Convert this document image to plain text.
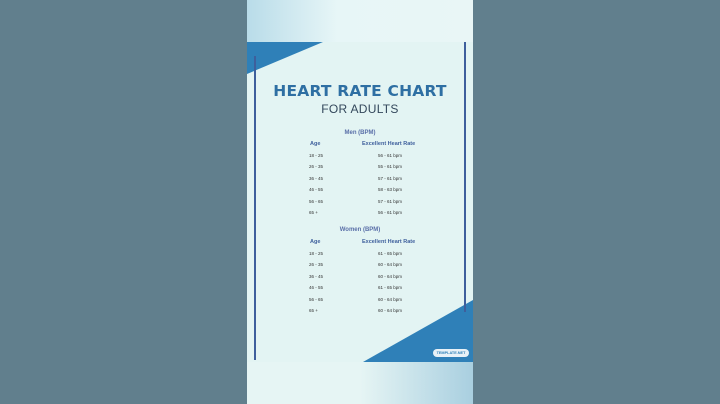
HEART RATE CHART
FOR ADULTS
Men (BPM)
Age	Excellent Heart Rate
18 - 25	56 - 61 bpm
26 - 35	55 - 61 bpm
36 - 45	57 - 61 bpm
46 - 55	58 - 63 bpm
56 - 65	57 - 61 bpm
65 +	56 - 61 bpm
Women (BPM)
Age	Excellent Heart Rate
18 - 25	61 - 65 bpm
26 - 35	60 - 64 bpm
36 - 45	60 - 64 bpm
46 - 55	61 - 65 bpm
56 - 65	60 - 64 bpm
65 +	60 - 64 bpm
TEMPLATE.NET
